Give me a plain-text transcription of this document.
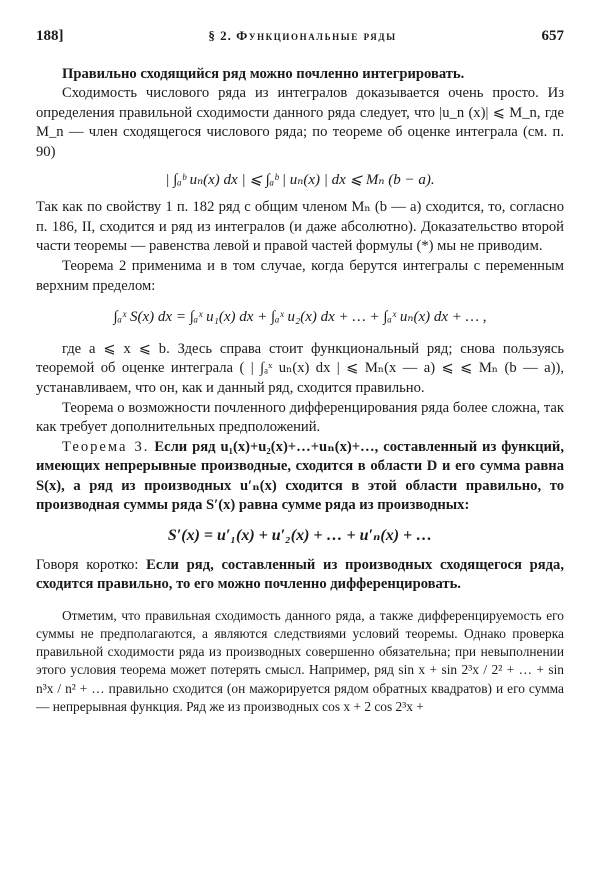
188]	§ 2. Функциональные ряды	657

Правильно сходящийся ряд можно почленно интегрировать.

Сходимость числового ряда из интегралов доказывается очень просто. Из определения правильной сходимости данного ряда следует, что |u_n (x)| ⩽ M_n, где M_n — член сходящегося числового ряда; по теореме об оценке интеграла (см. п. 90)

| ∫ₐᵇ uₙ(x) dx | ⩽ ∫ₐᵇ | uₙ(x) | dx ⩽ Mₙ (b − a).

Так как по свойству 1 п. 182 ряд с общим членом Mₙ (b — a) сходится, то, согласно п. 186, II, сходится и ряд из интегралов (и даже абсолютно). Доказательство второй части теоремы — равенства левой и правой частей формулы (*) мы не приводим.

Теорема 2 применима и в том случае, когда берутся интегралы с переменным верхним пределом:

∫ₐˣ S(x) dx = ∫ₐˣ u₁(x) dx + ∫ₐˣ u₂(x) dx + … + ∫ₐˣ uₙ(x) dx + … ,

где a ⩽ x ⩽ b. Здесь справа стоит функциональный ряд; снова пользуясь теоремой об оценке интеграла ( | ∫ₐˣ uₙ(x) dx | ⩽ Mₙ(x — a) ⩽ ⩽ Mₙ (b — a)), устанавливаем, что он, как и данный ряд, сходится правильно.

Теорема о возможности почленного дифференцирования ряда более сложна, так как требует дополнительных предположений.

Теорема 3. Если ряд u₁(x)+u₂(x)+…+uₙ(x)+…, составленный из функций, имеющих непрерывные производные, сходится в области D и его сумма равна S(x), а ряд из производных u′ₙ(x) сходится в этой области правильно, то производная суммы ряда S′(x) равна сумме ряда из производных:

S′(x) = u′₁(x) + u′₂(x) + … + u′ₙ(x) + …

Говоря коротко: Если ряд, составленный из производных сходящегося ряда, сходится правильно, то его можно почленно дифференцировать.

Отметим, что правильная сходимость данного ряда, а также дифференцируемость его суммы не предполагаются, а являются следствиями условий теоремы. Однако проверка правильной сходимости ряда из производных совершенно обязательна; при невыполнении этого условия теорема может потерять смысл. Например, ряд sin x + sin 2³x / 2² + … + sin n³x / n² + … правильно сходится (он мажорируется рядом обратных квадратов) и его сумма — непрерывная функция. Ряд же из производных cos x + 2 cos 2³x +
